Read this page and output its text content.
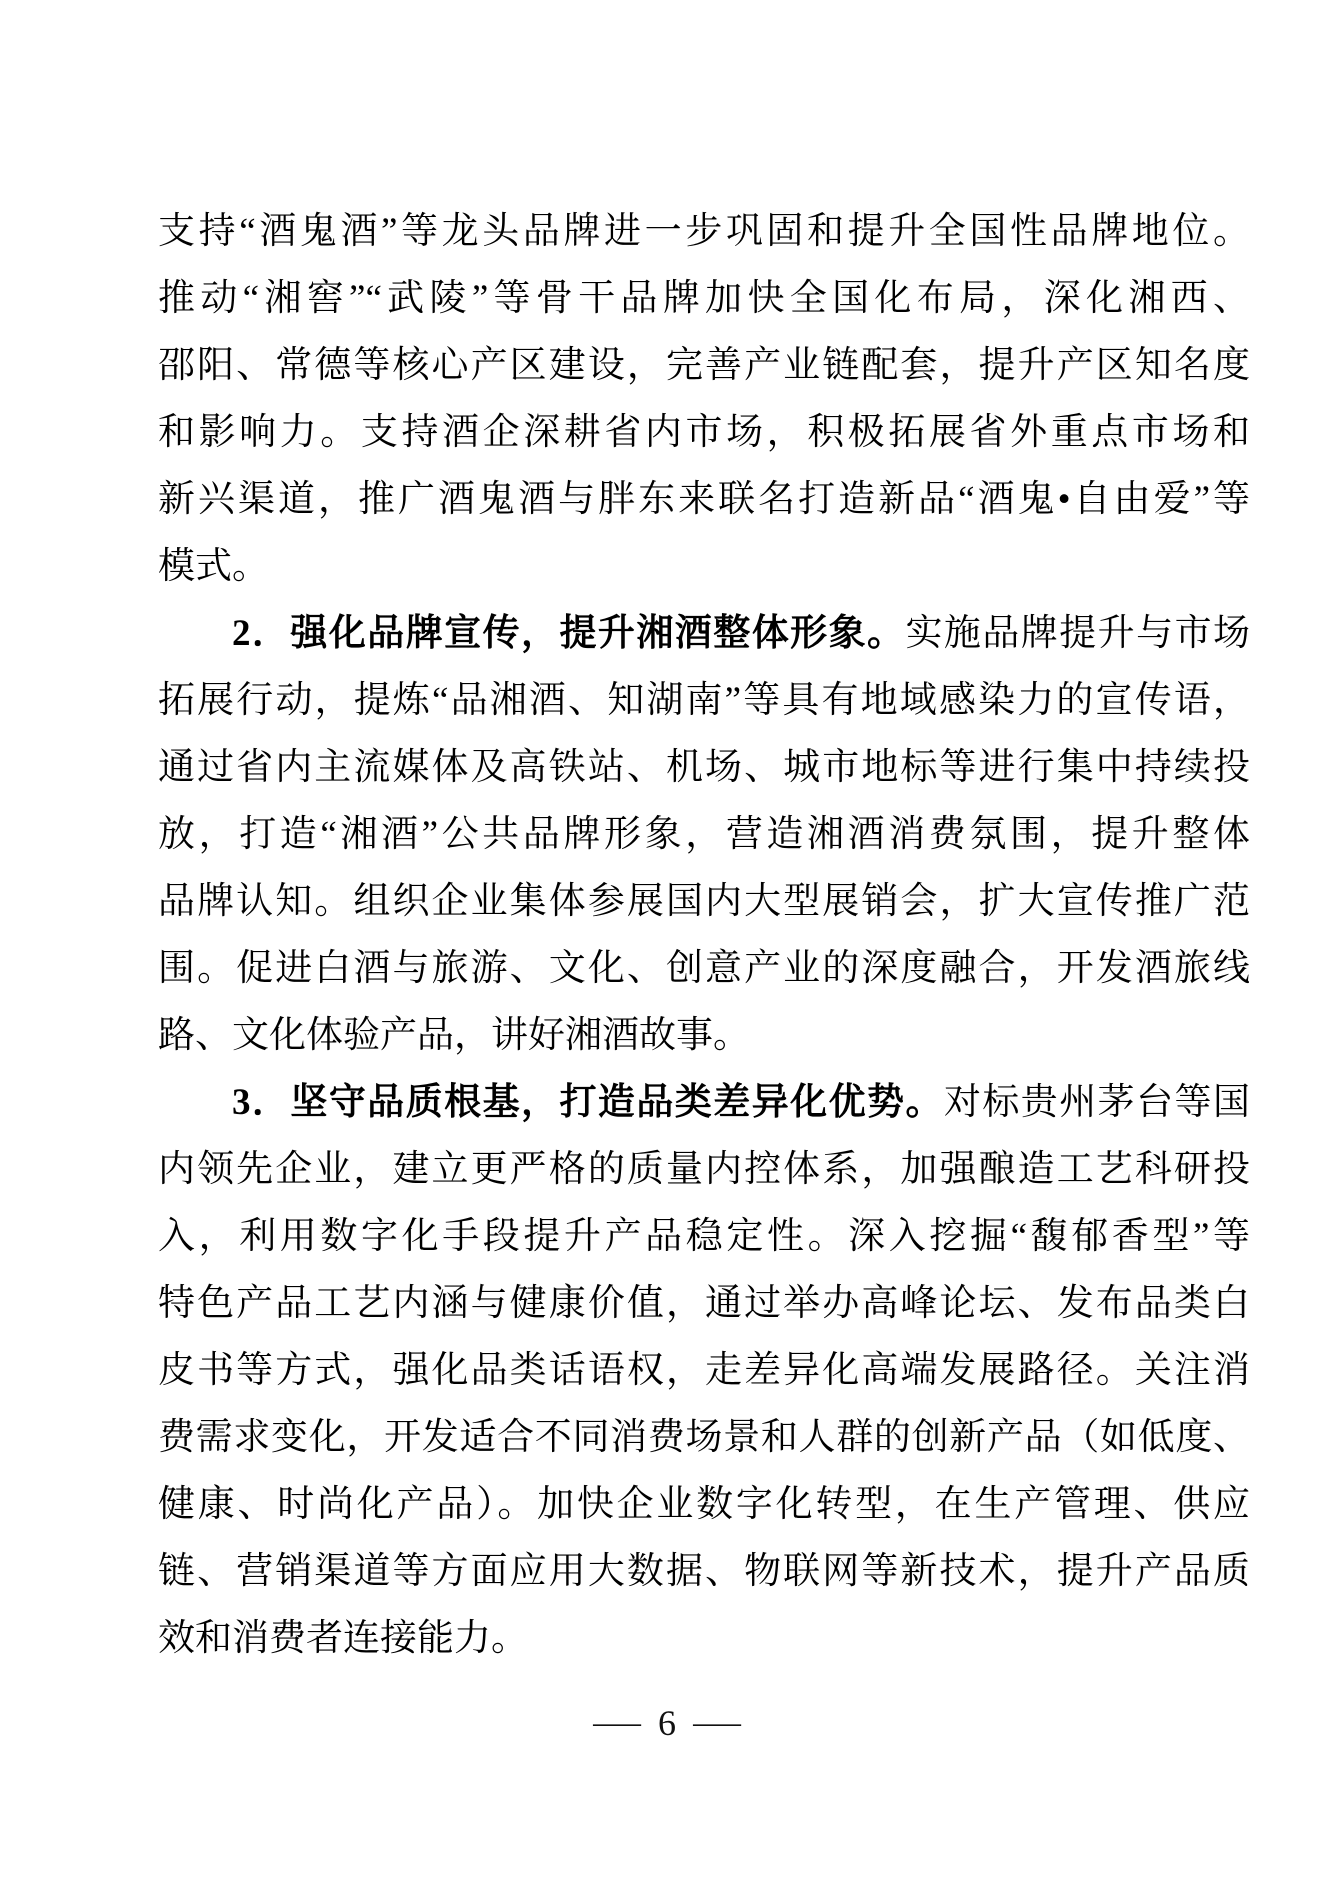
支持“酒鬼酒”等龙头品牌进一步巩固和提升全国性品牌地位。
推动“湘窖”“武陵”等骨干品牌加快全国化布局，深化湘西、
邵阳、常德等核心产区建设，完善产业链配套，提升产区知名度
和影响力。支持酒企深耕省内市场，积极拓展省外重点市场和
新兴渠道，推广酒鬼酒与胖东来联名打造新品“酒鬼•自由爱”等
模式。
2．强化品牌宣传，提升湘酒整体形象。实施品牌提升与市场
拓展行动，提炼“品湘酒、知湖南”等具有地域感染力的宣传语，
通过省内主流媒体及高铁站、机场、城市地标等进行集中持续投
放，打造“湘酒”公共品牌形象，营造湘酒消费氛围，提升整体
品牌认知。组织企业集体参展国内大型展销会，扩大宣传推广范
围。促进白酒与旅游、文化、创意产业的深度融合，开发酒旅线
路、文化体验产品，讲好湘酒故事。
3．坚守品质根基，打造品类差异化优势。对标贵州茅台等国
内领先企业，建立更严格的质量内控体系，加强酿造工艺科研投
入，利用数字化手段提升产品稳定性。深入挖掘“馥郁香型”等
特色产品工艺内涵与健康价值，通过举办高峰论坛、发布品类白
皮书等方式，强化品类话语权，走差异化高端发展路径。关注消
费需求变化，开发适合不同消费场景和人群的创新产品（如低度、
健康、时尚化产品）。加快企业数字化转型，在生产管理、供应
链、营销渠道等方面应用大数据、物联网等新技术，提升产品质
效和消费者连接能力。
— 6 —
